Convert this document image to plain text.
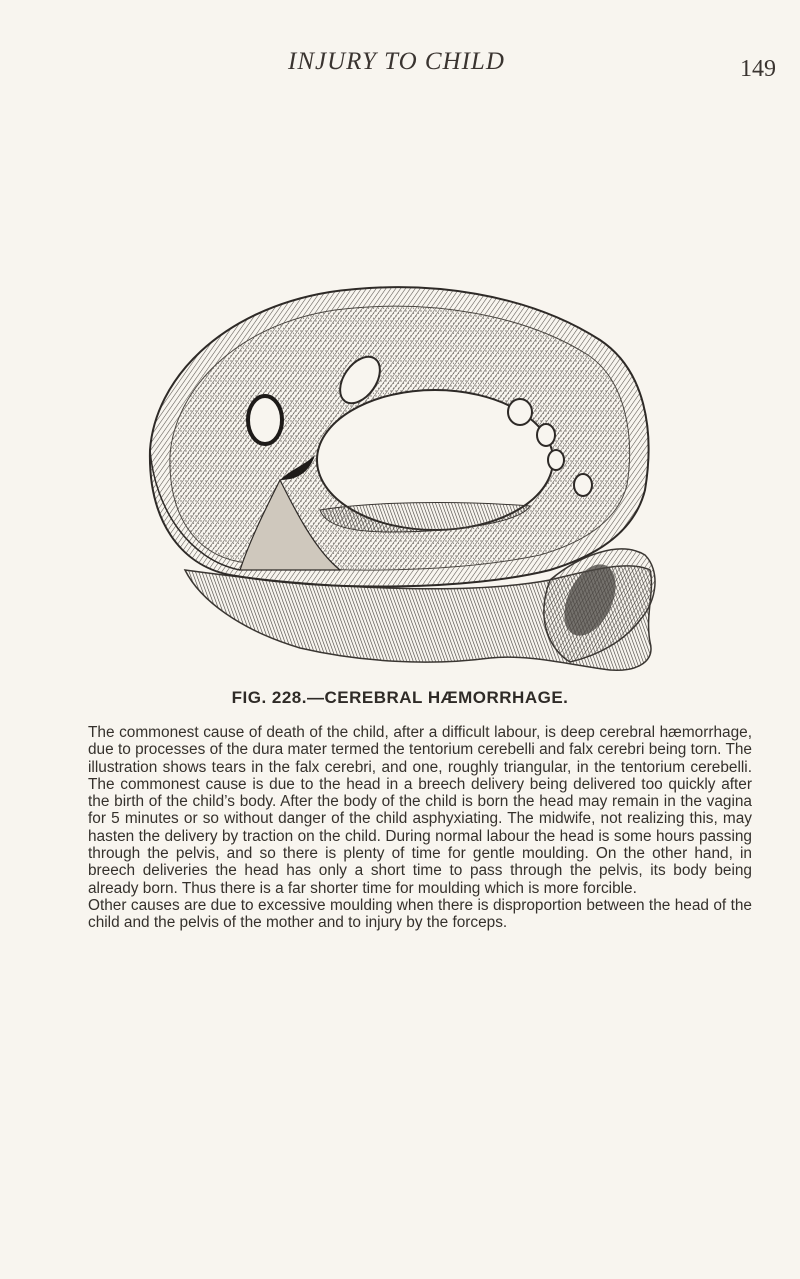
INJURY TO CHILD	149
FIG. 228.—CEREBRAL HÆMORRHAGE.

The commonest cause of death of the child, after a difficult labour, is deep cerebral hæmorrhage, due to processes of the dura mater termed the tentorium cerebelli and falx cerebri being torn. The illustration shows tears in the falx cerebri, and one, roughly triangular, in the tentorium cerebelli. The commonest cause is due to the head in a breech delivery being delivered too quickly after the birth of the child’s body. After the body of the child is born the head may remain in the vagina for 5 minutes or so without danger of the child asphyxiating. The midwife, not realizing this, may hasten the delivery by traction on the child. During normal labour the head is some hours passing through the pelvis, and so there is plenty of time for gentle moulding. On the other hand, in breech deliveries the head has only a short time to pass through the pelvis, its body being already born. Thus there is a far shorter time for moulding which is more forcible.

Other causes are due to excessive moulding when there is disproportion between the head of the child and the pelvis of the mother and to injury by the forceps.
